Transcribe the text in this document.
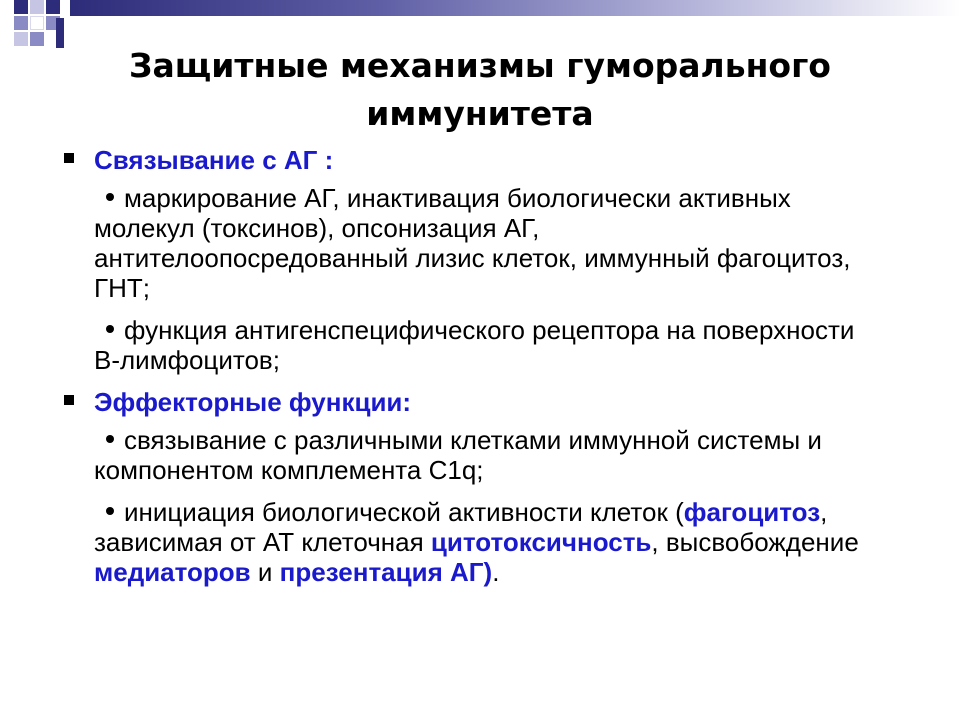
Защитные механизмы гуморального
иммунитета
Связывание с АГ :
маркирование АГ, инактивация биологически активных молекул (токсинов), опсонизация АГ, антителоопосредованный лизис клеток, иммунный фагоцитоз, ГНТ;
функция антигенспецифического рецептора на поверхности В-лимфоцитов;
Эффекторные функции:
связывание с различными клетками иммунной системы и компонентом комплемента С1q;
инициация биологической активности клеток (фагоцитоз, зависимая от АТ клеточная цитотоксичность, высвобождение медиаторов и презентация АГ).
